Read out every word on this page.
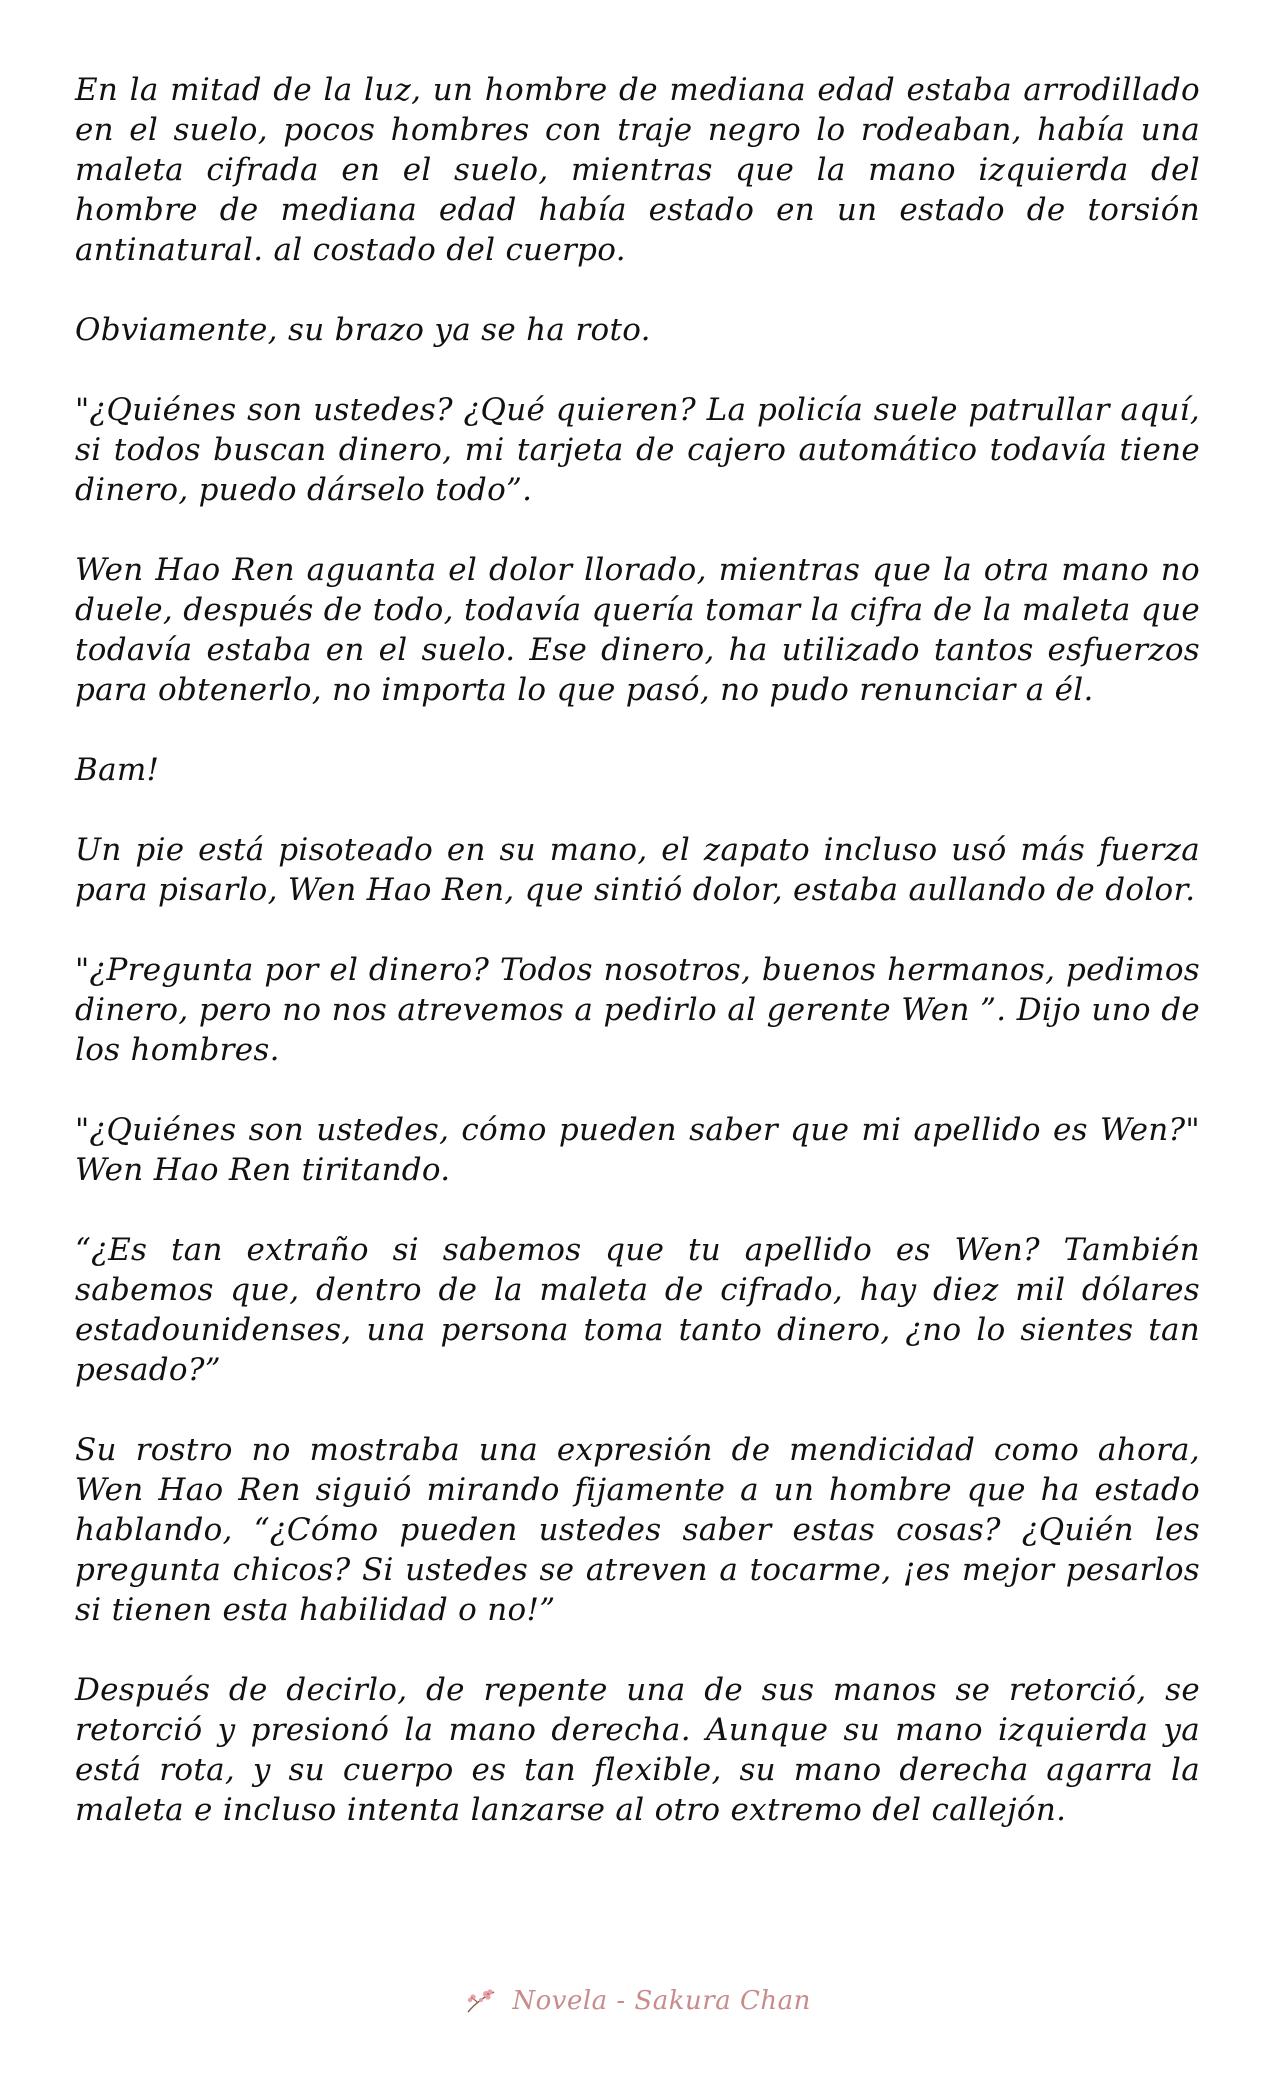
En la mitad de la luz, un hombre de mediana edad estaba arrodillado en el suelo, pocos hombres con traje negro lo rodeaban, había una maleta cifrada en el suelo, mientras que la mano izquierda del hombre de mediana edad había estado en un estado de torsión antinatural. al costado del cuerpo.

Obviamente, su brazo ya se ha roto.

"¿Quiénes son ustedes? ¿Qué quieren? La policía suele patrullar aquí, si todos buscan dinero, mi tarjeta de cajero automático todavía tiene dinero, puedo dárselo todo”.

Wen Hao Ren aguanta el dolor llorado, mientras que la otra mano no duele, después de todo, todavía quería tomar la cifra de la maleta que todavía estaba en el suelo. Ese dinero, ha utilizado tantos esfuerzos para obtenerlo, no importa lo que pasó, no pudo renunciar a él.

Bam!

Un pie está pisoteado en su mano, el zapato incluso usó más fuerza para pisarlo, Wen Hao Ren, que sintió dolor, estaba aullando de dolor.

"¿Pregunta por el dinero? Todos nosotros, buenos hermanos, pedimos dinero, pero no nos atrevemos a pedirlo al gerente Wen ”. Dijo uno de los hombres.

"¿Quiénes son ustedes, cómo pueden saber que mi apellido es Wen?" Wen Hao Ren tiritando.

“¿Es tan extraño si sabemos que tu apellido es Wen? También sabemos que, dentro de la maleta de cifrado, hay diez mil dólares estadounidenses, una persona toma tanto dinero, ¿no lo sientes tan pesado?”

Su rostro no mostraba una expresión de mendicidad como ahora, Wen Hao Ren siguió mirando fijamente a un hombre que ha estado hablando, “¿Cómo pueden ustedes saber estas cosas? ¿Quién les pregunta chicos? Si ustedes se atreven a tocarme, ¡es mejor pesarlos si tienen esta habilidad o no!”

Después de decirlo, de repente una de sus manos se retorció, se retorció y presionó la mano derecha. Aunque su mano izquierda ya está rota, y su cuerpo es tan flexible, su mano derecha agarra la maleta e incluso intenta lanzarse al otro extremo del callejón.

Novela - Sakura Chan
